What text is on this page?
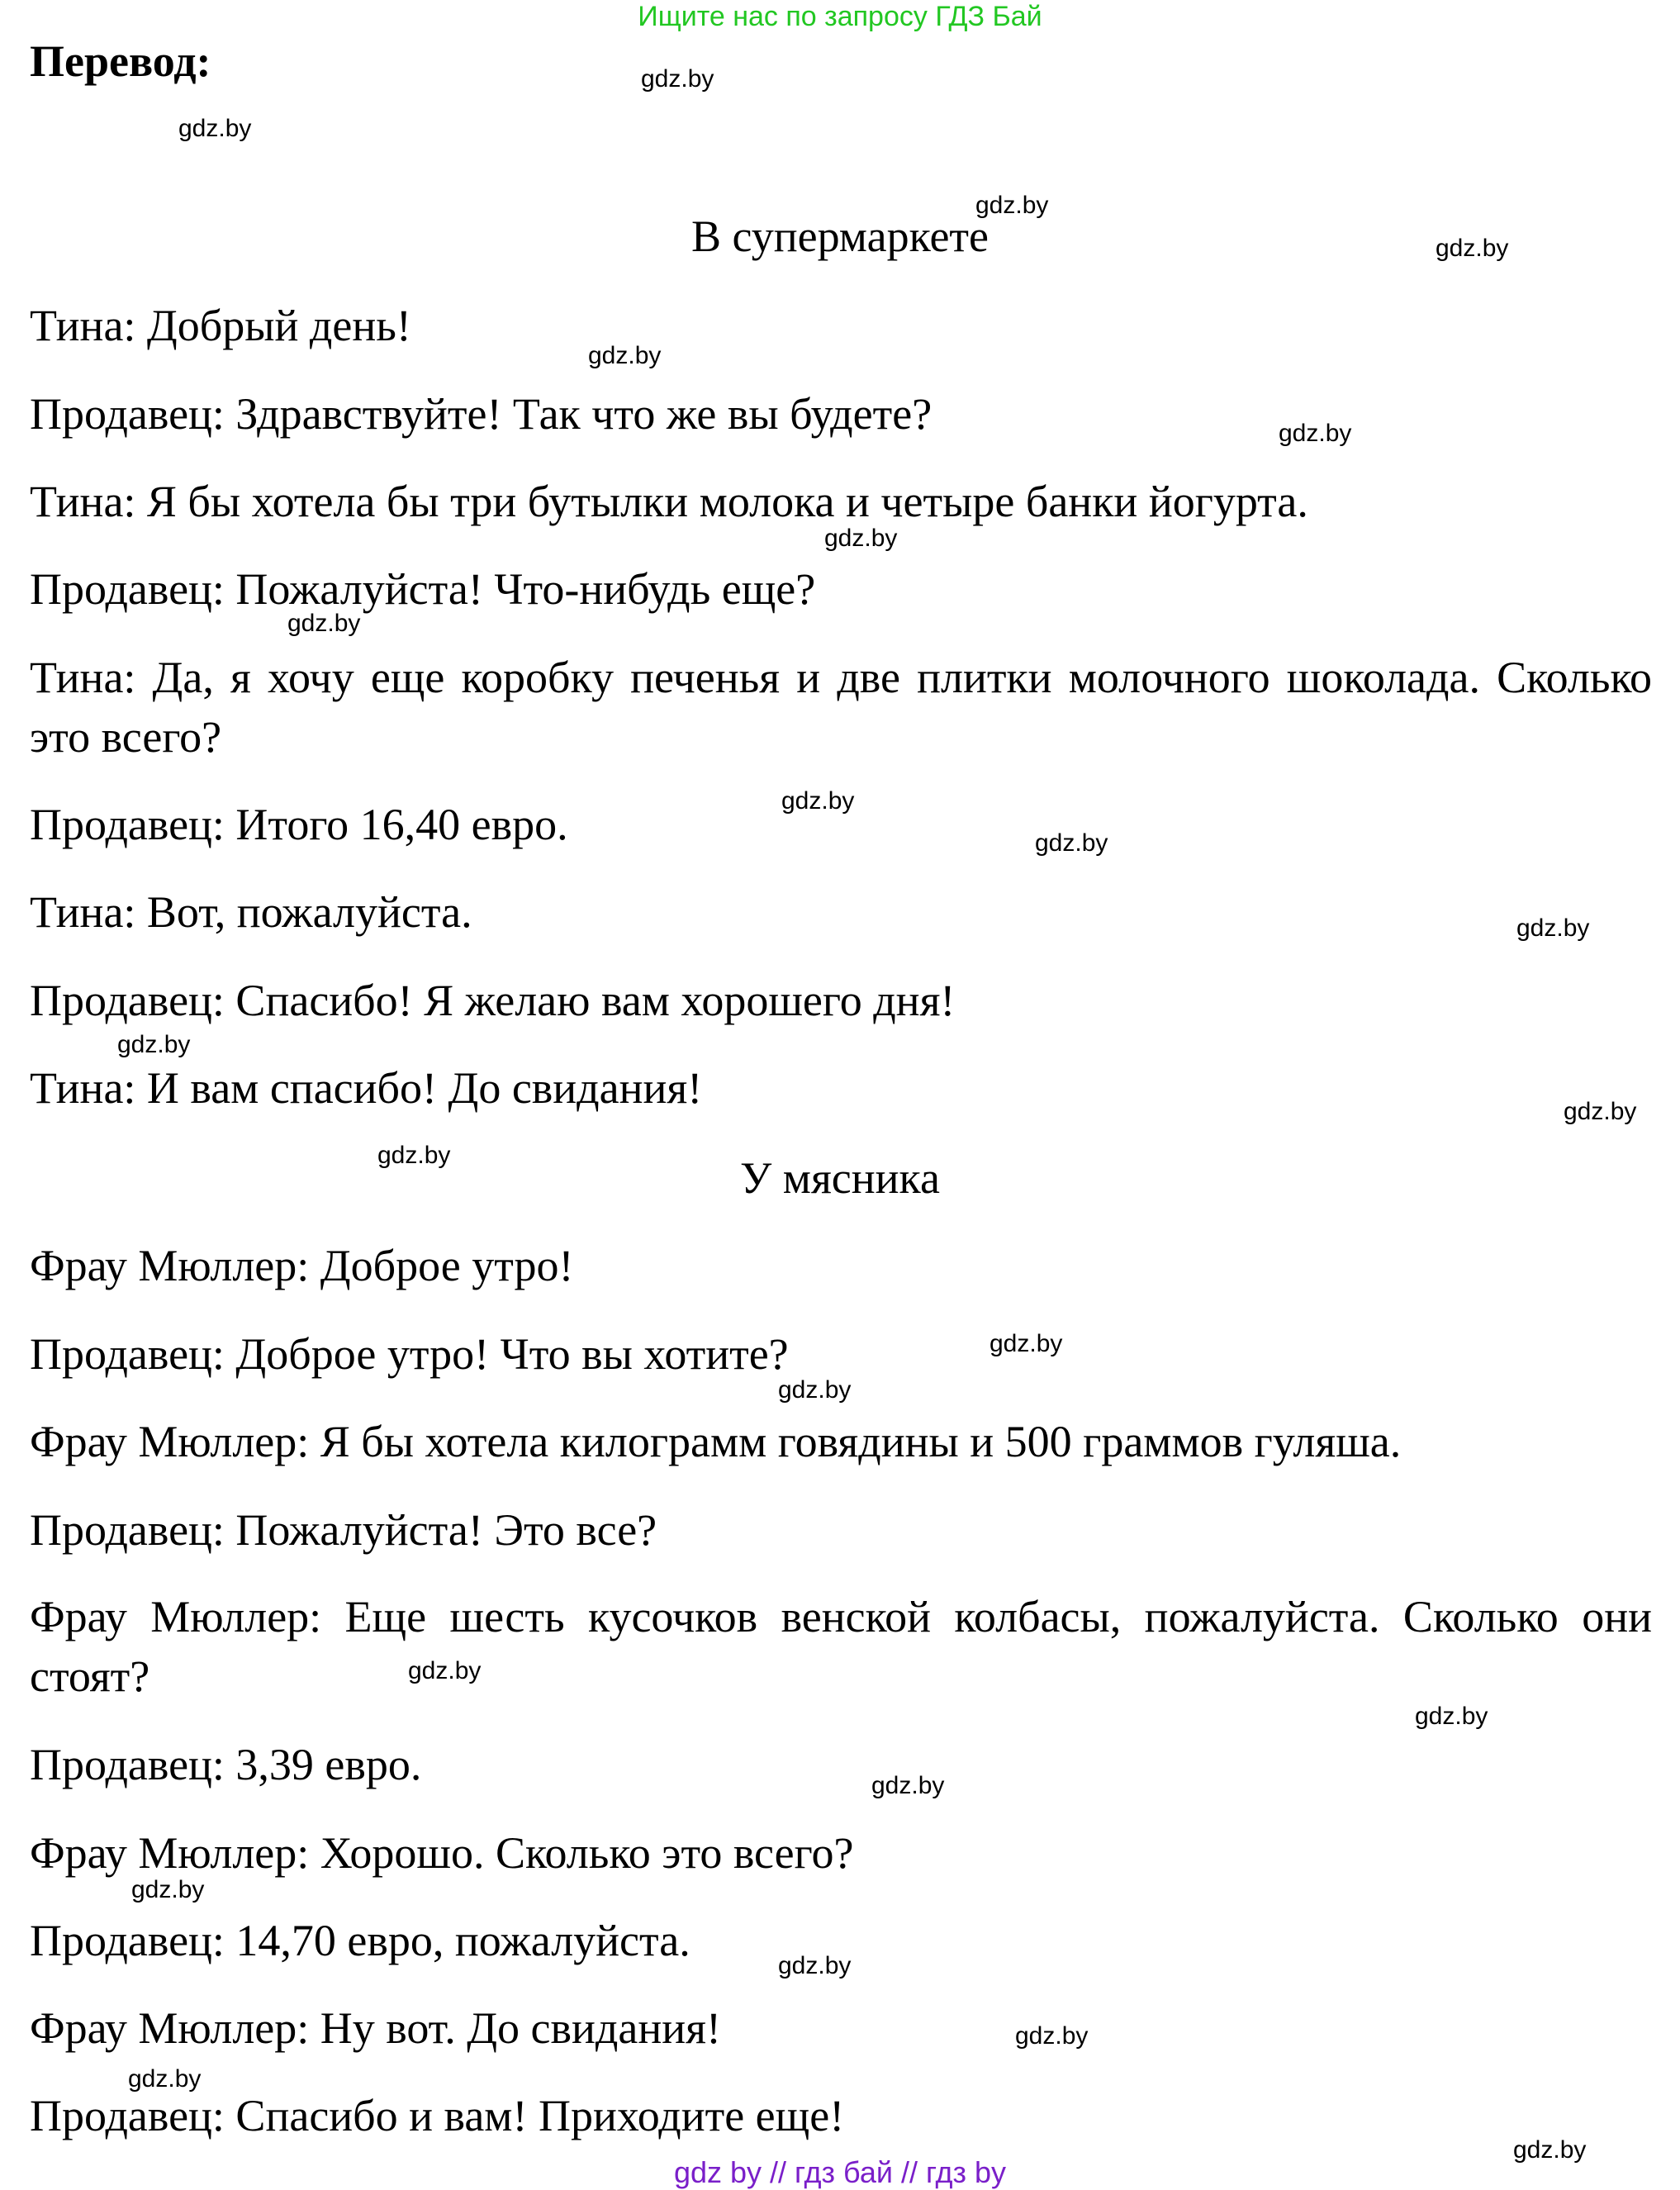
Ищите нас по запросу ГДЗ Бай
Перевод:
В супермаркете
Тина: Добрый день!
Продавец: Здравствуйте! Так что же вы будете?
Тина: Я бы хотела бы три бутылки молока и четыре банки йогурта.
Продавец: Пожалуйста! Что-нибудь еще?
Тина: Да, я хочу еще коробку печенья и две плитки молочного шоколада. Сколько это всего?
Продавец: Итого 16,40 евро.
Тина: Вот, пожалуйста.
Продавец: Спасибо! Я желаю вам хорошего дня!
Тина: И вам спасибо! До свидания!
У мясника
Фрау Мюллер: Доброе утро!
Продавец: Доброе утро! Что вы хотите?
Фрау Мюллер: Я бы хотела килограмм говядины и 500 граммов гуляша.
Продавец: Пожалуйста! Это все?
Фрау Мюллер: Еще шесть кусочков венской колбасы, пожалуйста. Сколько они стоят?
Продавец: 3,39 евро.
Фрау Мюллер: Хорошо. Сколько это всего?
Продавец: 14,70 евро, пожалуйста.
Фрау Мюллер: Ну вот. До свидания!
Продавец: Спасибо и вам! Приходите еще!
gdz.by
gdz.by
gdz.by
gdz.by
gdz.by
gdz.by
gdz.by
gdz.by
gdz.by
gdz.by
gdz.by
gdz.by
gdz.by
gdz.by
gdz.by
gdz.by
gdz.by
gdz.by
gdz.by
gdz.by
gdz.by
gdz.by
gdz.by
gdz.by
gdz by // гдз бай // гдз by
